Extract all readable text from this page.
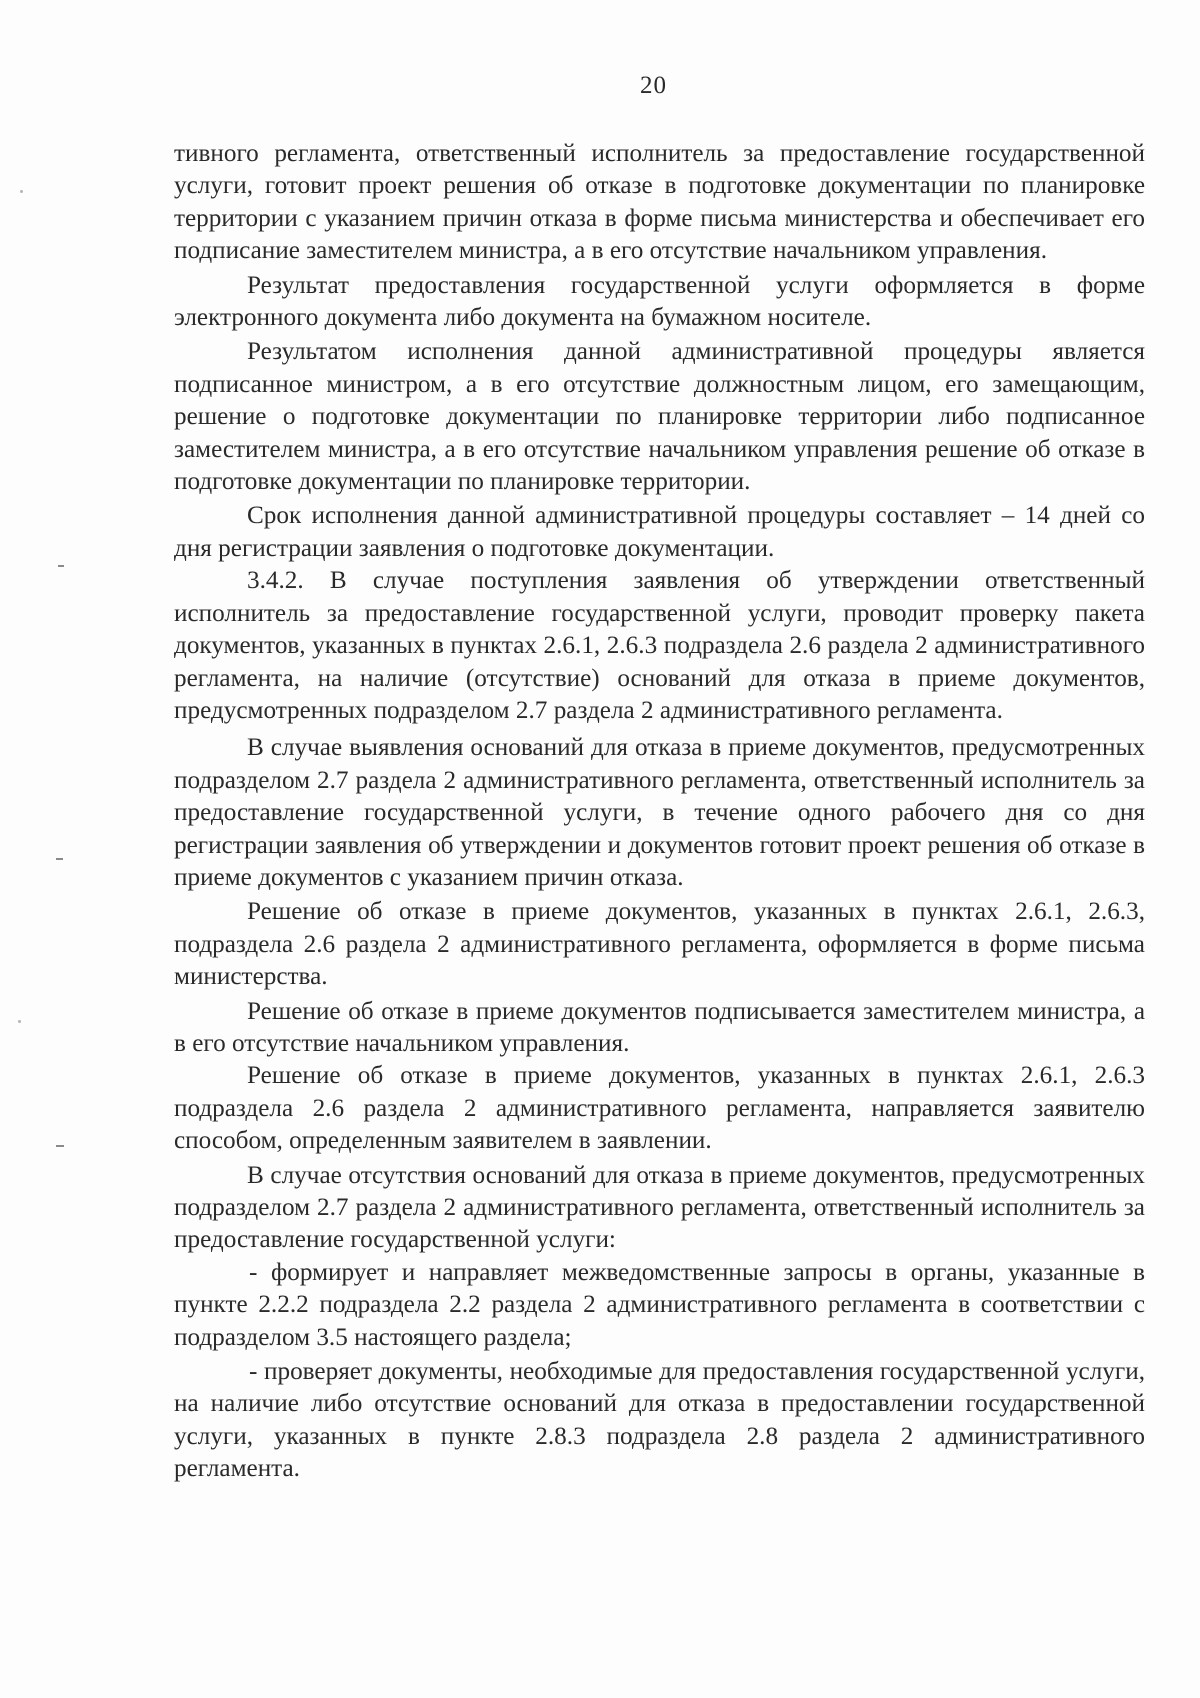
20

тивного регламента, ответственный исполнитель за предоставление государственной услуги, готовит проект решения об отказе в подготовке документации по планировке территории с указанием причин отказа в форме письма министерства и обеспечивает его подписание заместителем министра, а в его отсутствие начальником управления.

Результат предоставления государственной услуги оформляется в форме электронного документа либо документа на бумажном носителе.

Результатом исполнения данной административной процедуры является подписанное министром, а в его отсутствие должностным лицом, его замещающим, решение о подготовке документации по планировке территории либо подписанное заместителем министра, а в его отсутствие начальником управления решение об отказе в подготовке документации по планировке территории.

Срок исполнения данной административной процедуры составляет – 14 дней со дня регистрации заявления о подготовке документации.

3.4.2. В случае поступления заявления об утверждении ответственный исполнитель за предоставление государственной услуги, проводит проверку пакета документов, указанных в пунктах 2.6.1, 2.6.3 подраздела 2.6 раздела 2 административного регламента, на наличие (отсутствие) оснований для отказа в приеме документов, предусмотренных подразделом 2.7 раздела 2 административного регламента.

В случае выявления оснований для отказа в приеме документов, предусмотренных подразделом 2.7 раздела 2 административного регламента, ответственный исполнитель за предоставление государственной услуги, в течение одного рабочего дня со дня регистрации заявления об утверждении и документов готовит проект решения об отказе в приеме документов с указанием причин отказа.

Решение об отказе в приеме документов, указанных в пунктах 2.6.1, 2.6.3, подраздела 2.6 раздела 2 административного регламента, оформляется в форме письма министерства.

Решение об отказе в приеме документов подписывается заместителем министра, а в его отсутствие начальником управления.

Решение об отказе в приеме документов, указанных в пунктах 2.6.1, 2.6.3 подраздела 2.6 раздела 2 административного регламента, направляется заявителю способом, определенным заявителем в заявлении.

В случае отсутствия оснований для отказа в приеме документов, предусмотренных подразделом 2.7 раздела 2 административного регламента, ответственный исполнитель за предоставление государственной услуги:

- формирует и направляет межведомственные запросы в органы, указанные в пункте 2.2.2 подраздела 2.2 раздела 2 административного регламента в соответствии с подразделом 3.5 настоящего раздела;

- проверяет документы, необходимые для предоставления государственной услуги, на наличие либо отсутствие оснований для отказа в предоставлении государственной услуги, указанных в пункте 2.8.3 подраздела 2.8 раздела 2 административного регламента.
